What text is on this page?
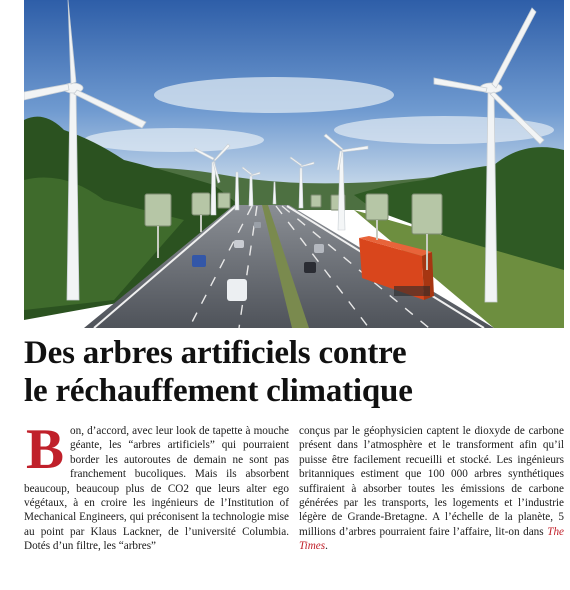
Des arbres artificiels contre
le réchauffement climatique

Bon, d’accord, avec leur look de tapette à mouche géante, les “arbres artificiels” qui pourraient border les autoroutes de demain ne sont pas franchement bucoliques. Mais ils absorbent beaucoup, beaucoup plus de CO2 que leurs alter ego végétaux, à en croire les ingénieurs de l’Institution of Mechanical Engineers, qui préconisent la technologie mise au point par Klaus Lackner, de l’université Columbia. Dotés d’un filtre, les “arbres”

conçus par le géophysicien captent le dioxyde de carbone présent dans l’atmosphère et le transforment afin qu’il puisse être facilement recueilli et stocké. Les ingénieurs britanniques estiment que 100 000 arbres synthétiques suffiraient à absorber toutes les émissions de carbone générées par les transports, les logements et l’industrie légère de Grande-Bretagne. A l’échelle de la planète, 5 millions d’arbres pourraient faire l’affaire, lit-on dans The Times.
